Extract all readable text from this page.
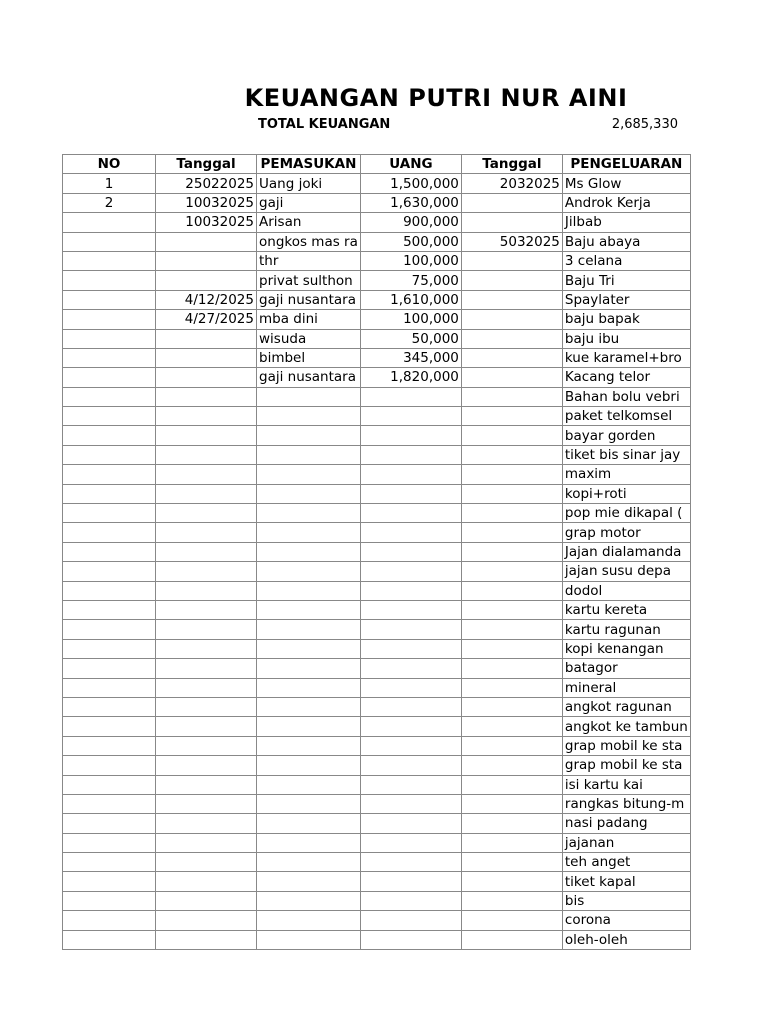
KEUANGAN PUTRI NUR AINI
TOTAL KEUANGAN	2,685,330
NO	Tanggal	PEMASUKAN	UANG	Tanggal	PENGELUARAN
1	25022025	Uang joki	1,500,000	2032025	Ms Glow
2	10032025	gaji	1,630,000		Androk Kerja
	10032025	Arisan	900,000		Jilbab
		ongkos mas ra	500,000	5032025	Baju abaya
		thr	100,000		3 celana
		privat sulthon	75,000		Baju Tri
	4/12/2025	gaji nusantara	1,610,000		Spaylater
	4/27/2025	mba dini	100,000		baju bapak
		wisuda	50,000		baju ibu
		bimbel	345,000		kue karamel+bro
		gaji nusantara	1,820,000		Kacang telor
					Bahan bolu vebri
					paket telkomsel
					bayar gorden
					tiket bis sinar jay
					maxim
					kopi+roti
					pop mie dikapal (
					grap motor
					Jajan dialamanda
					jajan susu depa
					dodol
					kartu kereta
					kartu ragunan
					kopi kenangan
					batagor
					mineral
					angkot ragunan
					angkot ke tambun
					grap mobil ke sta
					grap mobil ke sta
					isi kartu kai
					rangkas bitung-m
					nasi padang
					jajanan
					teh anget
					tiket kapal
					bis
					corona
					oleh-oleh
